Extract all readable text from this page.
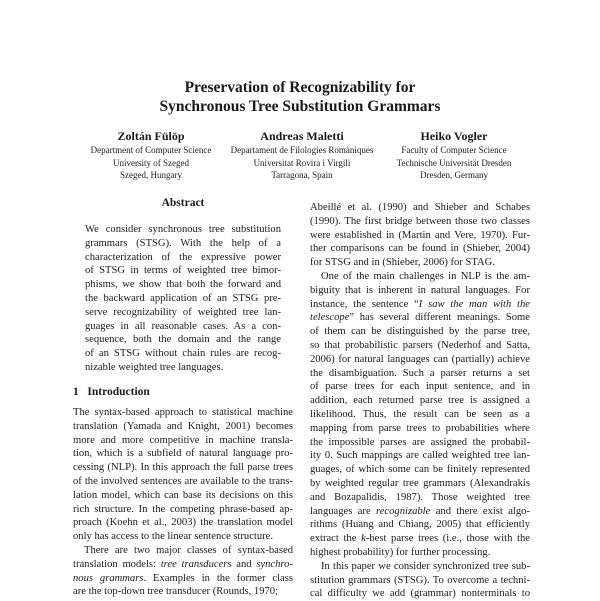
Preservation of Recognizability for
Synchronous Tree Substitution Grammars
Zoltán Fülöp
Department of Computer Science
University of Szeged
Szeged, Hungary
Andreas Maletti
Departament de Filologies Romàniques
Universitat Rovira i Virgili
Tarragona, Spain
Heiko Vogler
Faculty of Computer Science
Technische Universität Dresden
Dresden, Germany
Abstract
We consider synchronous tree substitution
grammars (STSG). With the help of a
characterization of the expressive power
of STSG in terms of weighted tree bimor-
phisms, we show that both the forward and
the backward application of an STSG pre-
serve recognizability of weighted tree lan-
guages in all reasonable cases. As a con-
sequence, both the domain and the range
of an STSG without chain rules are recog-
nizable weighted tree languages.
1   Introduction
The syntax-based approach to statistical machine
translation (Yamada and Knight, 2001) becomes
more and more competitive in machine transla-
tion, which is a subfield of natural language pro-
cessing (NLP). In this approach the full parse trees
of the involved sentences are available to the trans-
lation model, which can base its decisions on this
rich structure. In the competing phrase-based ap-
proach (Koehn et al., 2003) the translation model
only has access to the linear sentence structure.
There are two major classes of syntax-based
translation models: tree transducers and synchro-
nous grammars. Examples in the former class
are the top-down tree transducer (Rounds, 1970;
Abeillé et al. (1990) and Shieber and Schabes
(1990). The first bridge between those two classes
were established in (Martin and Vere, 1970). Fur-
ther comparisons can be found in (Shieber, 2004)
for STSG and in (Shieber, 2006) for STAG.
One of the main challenges in NLP is the am-
biguity that is inherent in natural languages. For
instance, the sentence “I saw the man with the
telescope” has several different meanings. Some
of them can be distinguished by the parse tree,
so that probabilistic parsers (Nederhof and Satta,
2006) for natural languages can (partially) achieve
the disambiguation. Such a parser returns a set
of parse trees for each input sentence, and in
addition, each returned parse tree is assigned a
likelihood. Thus, the result can be seen as a
mapping from parse trees to probabilities where
the impossible parses are assigned the probabil-
ity 0. Such mappings are called weighted tree lan-
guages, of which some can be finitely represented
by weighted regular tree grammars (Alexandrakis
and Bozapalidis, 1987). Those weighted tree
languages are recognizable and there exist algo-
rithms (Huang and Chiang, 2005) that efficiently
extract the k-best parse trees (i.e., those with the
highest probability) for further processing.
In this paper we consider synchronized tree sub-
stitution grammars (STSG). To overcome a techni-
cal difficulty we add (grammar) nonterminals to
